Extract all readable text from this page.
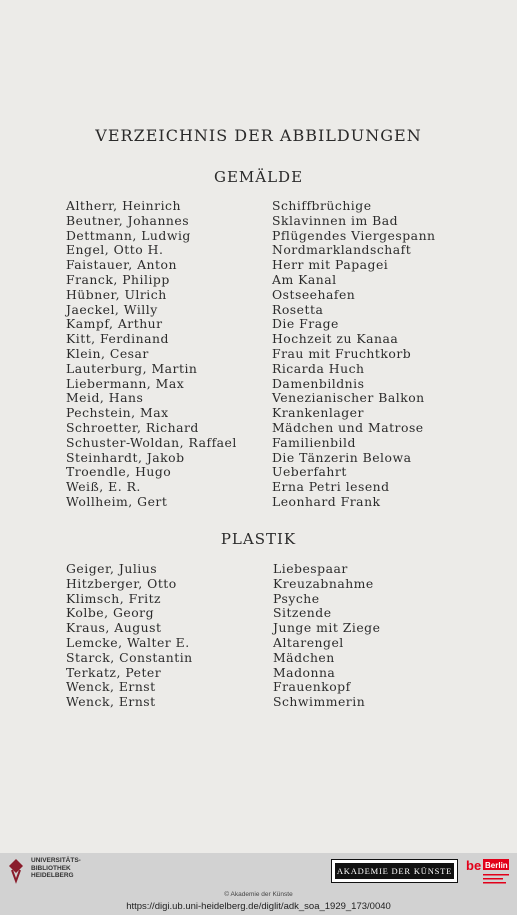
VERZEICHNIS DER ABBILDUNGEN
GEMÄLDE
Altherr, Heinrich
Beutner, Johannes
Dettmann, Ludwig
Engel, Otto H.
Faistauer, Anton
Franck, Philipp
Hübner, Ulrich
Jaeckel, Willy
Kampf, Arthur
Kitt, Ferdinand
Klein, Cesar
Lauterburg, Martin
Liebermann, Max
Meid, Hans
Pechstein, Max
Schroetter, Richard
Schuster-Woldan, Raffael
Steinhardt, Jakob
Troendle, Hugo
Weiß, E. R.
Wollheim, Gert
Schiffbrüchige
Sklavinnen im Bad
Pflügendes Viergespann
Nordmarklandschaft
Herr mit Papagei
Am Kanal
Ostseehafen
Rosetta
Die Frage
Hochzeit zu Kanaa
Frau mit Fruchtkorb
Ricarda Huch
Damenbildnis
Venezianischer Balkon
Krankenlager
Mädchen und Matrose
Familienbild
Die Tänzerin Belowa
Ueberfahrt
Erna Petri lesend
Leonhard Frank
PLASTIK
Geiger, Julius
Hitzberger, Otto
Klimsch, Fritz
Kolbe, Georg
Kraus, August
Lemcke, Walter E.
Starck, Constantin
Terkatz, Peter
Wenck, Ernst
Wenck, Ernst
Liebespaar
Kreuzabnahme
Psyche
Sitzende
Junge mit Ziege
Altarengel
Mädchen
Madonna
Frauenkopf
Schwimmerin
UNIVERSITÄTS-
BIBLIOTHEK
HEIDELBERG	AKADEMIE DER KÜNSTE be Berlin
© Akademie der Künste
https://digi.ub.uni-heidelberg.de/diglit/adk_soa_1929_173/0040
